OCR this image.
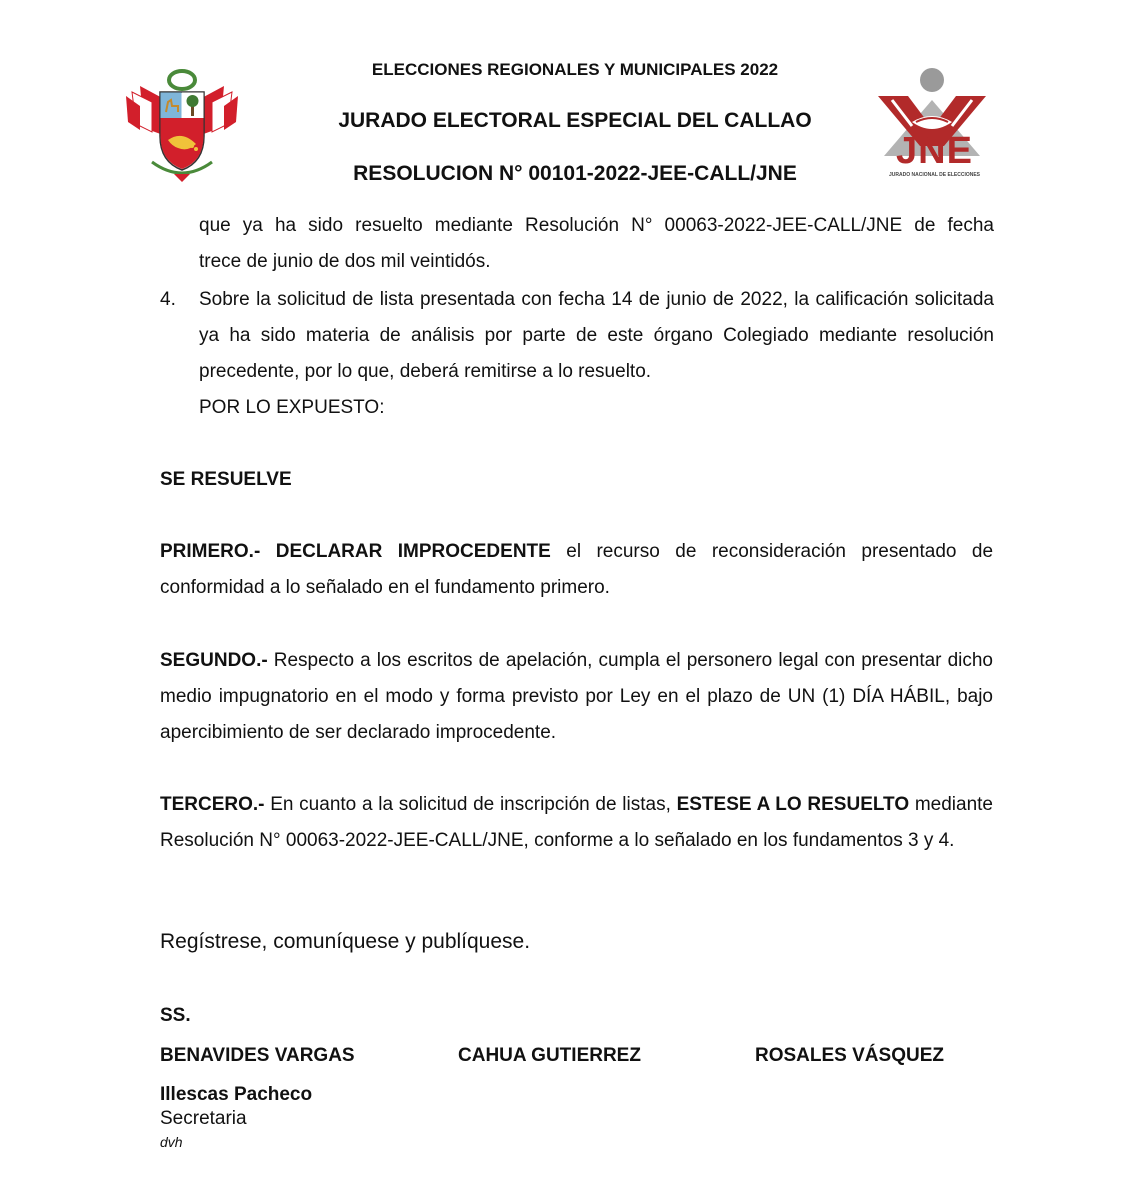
ELECCIONES REGIONALES Y MUNICIPALES 2022
JURADO ELECTORAL ESPECIAL DEL CALLAO
RESOLUCION N° 00101-2022-JEE-CALL/JNE
JNE
JURADO NACIONAL DE ELECCIONES
que ya ha sido resuelto mediante Resolución N° 00063-2022-JEE-CALL/JNE de fecha
trece de junio de dos mil veintidós.
4. Sobre la solicitud de lista presentada con fecha 14 de junio de 2022, la calificación solicitada ya ha sido materia de análisis por parte de este órgano Colegiado mediante resolución precedente, por lo que, deberá remitirse a lo resuelto.
POR LO EXPUESTO:
SE RESUELVE
PRIMERO.- DECLARAR IMPROCEDENTE el recurso de reconsideración presentado de conformidad a lo señalado en el fundamento primero.
SEGUNDO.- Respecto a los escritos de apelación, cumpla el personero legal con presentar dicho medio impugnatorio en el modo y forma previsto por Ley en el plazo de UN (1) DÍA HÁBIL, bajo apercibimiento de ser declarado improcedente.
TERCERO.- En cuanto a la solicitud de inscripción de listas, ESTESE A LO RESUELTO mediante Resolución N° 00063-2022-JEE-CALL/JNE, conforme a lo señalado en los fundamentos 3 y 4.
Regístrese, comuníquese y publíquese.
SS.
BENAVIDES VARGAS	CAHUA GUTIERREZ	ROSALES VÁSQUEZ
Illescas Pacheco
Secretaria
dvh
